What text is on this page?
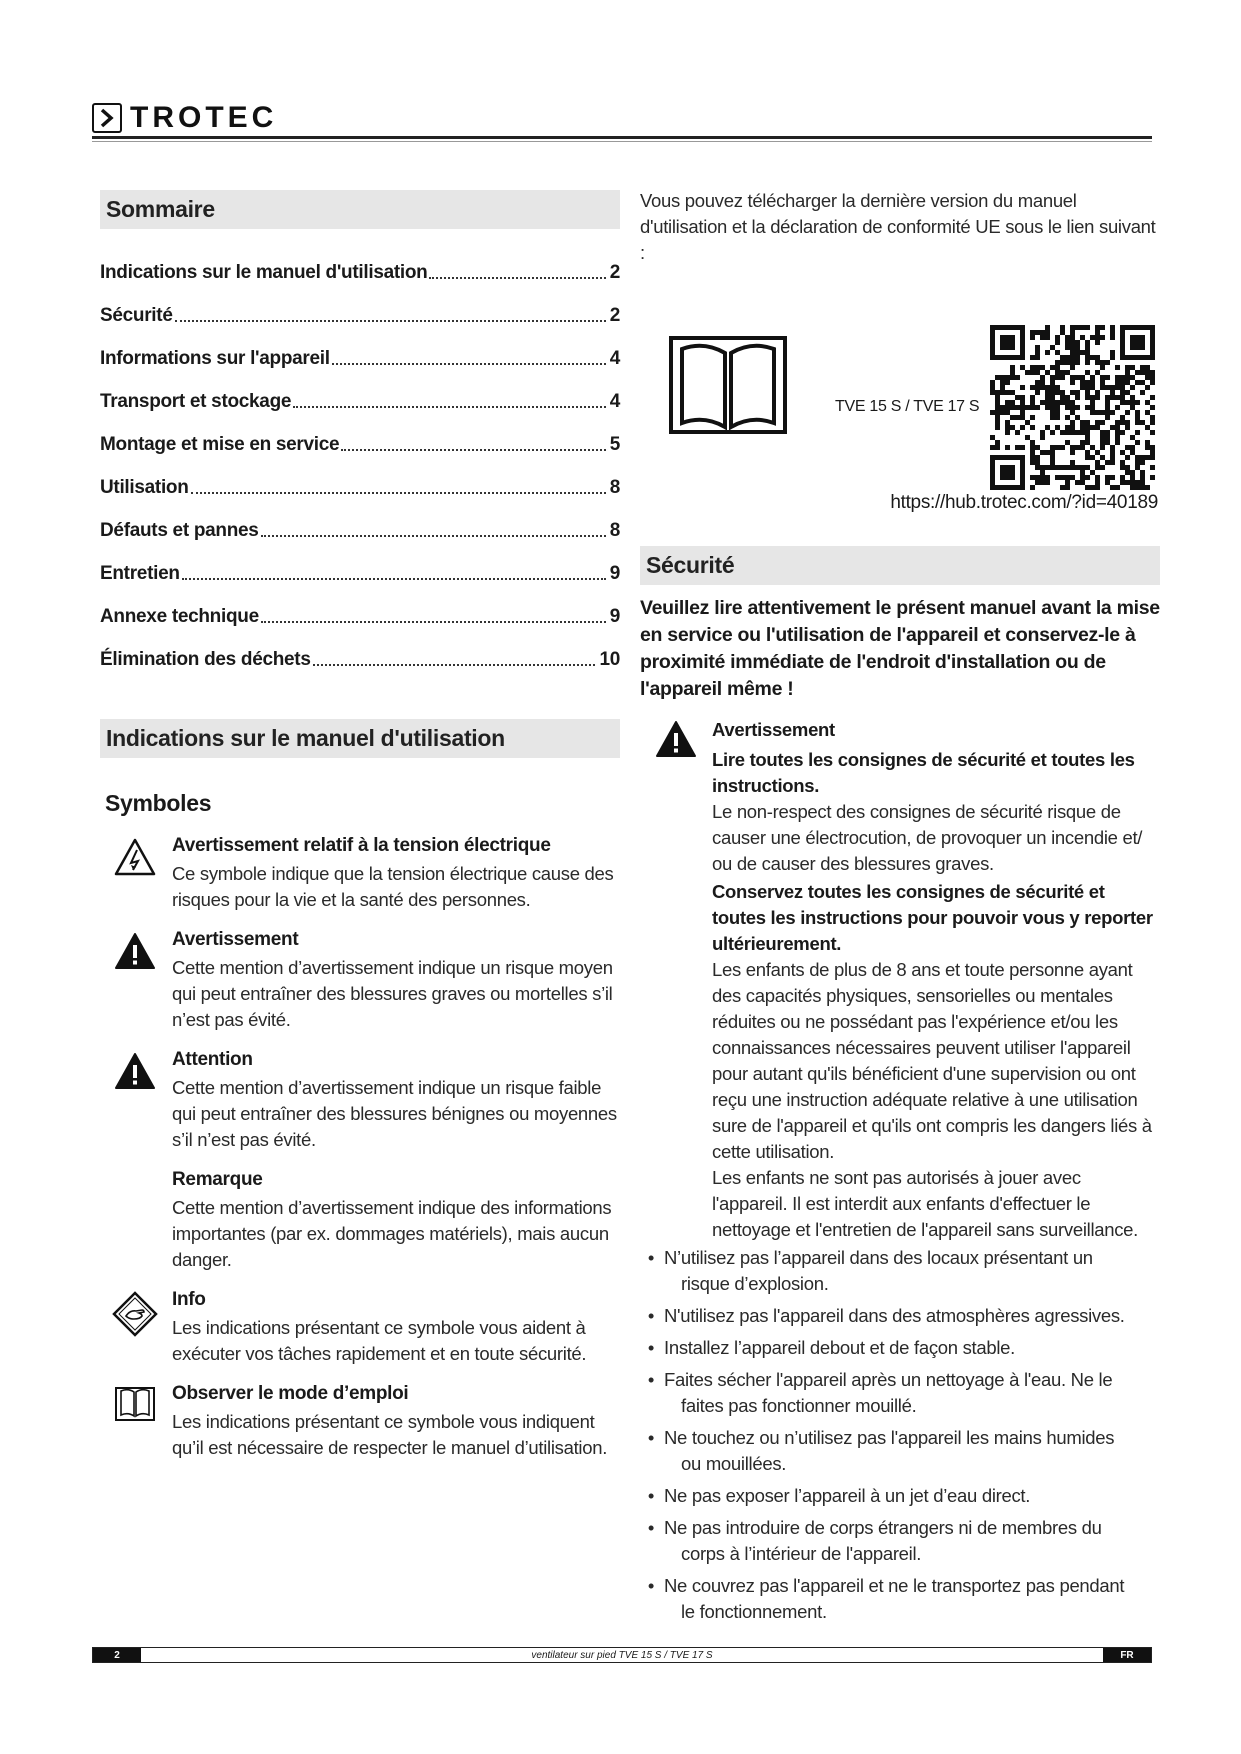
TROTEC
Sommaire
Indications sur le manuel d'utilisation	2
Sécurité	2
Informations sur l'appareil	4
Transport et stockage	4
Montage et mise en service	5
Utilisation	8
Défauts et pannes	8
Entretien	9
Annexe technique	9
Élimination des déchets	10
Indications sur le manuel d'utilisation
Symboles
Avertissement relatif à la tension électrique
Ce symbole indique que la tension électrique cause des risques pour la vie et la santé des personnes.
Avertissement
Cette mention d’avertissement indique un risque moyen qui peut entraîner des blessures graves ou mortelles s’il n’est pas évité.
Attention
Cette mention d’avertissement indique un risque faible qui peut entraîner des blessures bénignes ou moyennes s’il n’est pas évité.
Remarque
Cette mention d’avertissement indique des informations importantes (par ex. dommages matériels), mais aucun danger.
Info
Les indications présentant ce symbole vous aident à exécuter vos tâches rapidement et en toute sécurité.
Observer le mode d’emploi
Les indications présentant ce symbole vous indiquent qu’il est nécessaire de respecter le manuel d’utilisation.
Vous pouvez télécharger la dernière version du manuel d'utilisation et la déclaration de conformité UE sous le lien suivant :
TVE 15 S / TVE 17 S
https://hub.trotec.com/?id=40189
Sécurité
Veuillez lire attentivement le présent manuel avant la mise en service ou l'utilisation de l'appareil et conservez-le à proximité immédiate de l'endroit d'installation ou de l'appareil même !
Avertissement
Lire toutes les consignes de sécurité et toutes les instructions.
Le non-respect des consignes de sécurité risque de causer une électrocution, de provoquer un incendie et/ ou de causer des blessures graves.
Conservez toutes les consignes de sécurité et toutes les instructions pour pouvoir vous y reporter ultérieurement.
Les enfants de plus de 8 ans et toute personne ayant des capacités physiques, sensorielles ou mentales réduites ou ne possédant pas l'expérience et/ou les connaissances nécessaires peuvent utiliser l'appareil pour autant qu'ils bénéficient d'une supervision ou ont reçu une instruction adéquate relative à une utilisation sure de l'appareil et qu'ils ont compris les dangers liés à cette utilisation.
Les enfants ne sont pas autorisés à jouer avec l'appareil. Il est interdit aux enfants d'effectuer le nettoyage et l'entretien de l'appareil sans surveillance.
• N’utilisez pas l’appareil dans des locaux présentant un
risque d’explosion.
• N'utilisez pas l'appareil dans des atmosphères agressives.
• Installez l’appareil debout et de façon stable.
• Faites sécher l'appareil après un nettoyage à l'eau. Ne le
faites pas fonctionner mouillé.
• Ne touchez ou n’utilisez pas l'appareil les mains humides
ou mouillées.
• Ne pas exposer l’appareil à un jet d’eau direct.
• Ne pas introduire de corps étrangers ni de membres du
corps à l’intérieur de l'appareil.
• Ne couvrez pas l'appareil et ne le transportez pas pendant
le fonctionnement.
2	ventilateur sur pied TVE 15 S / TVE 17 S	FR
